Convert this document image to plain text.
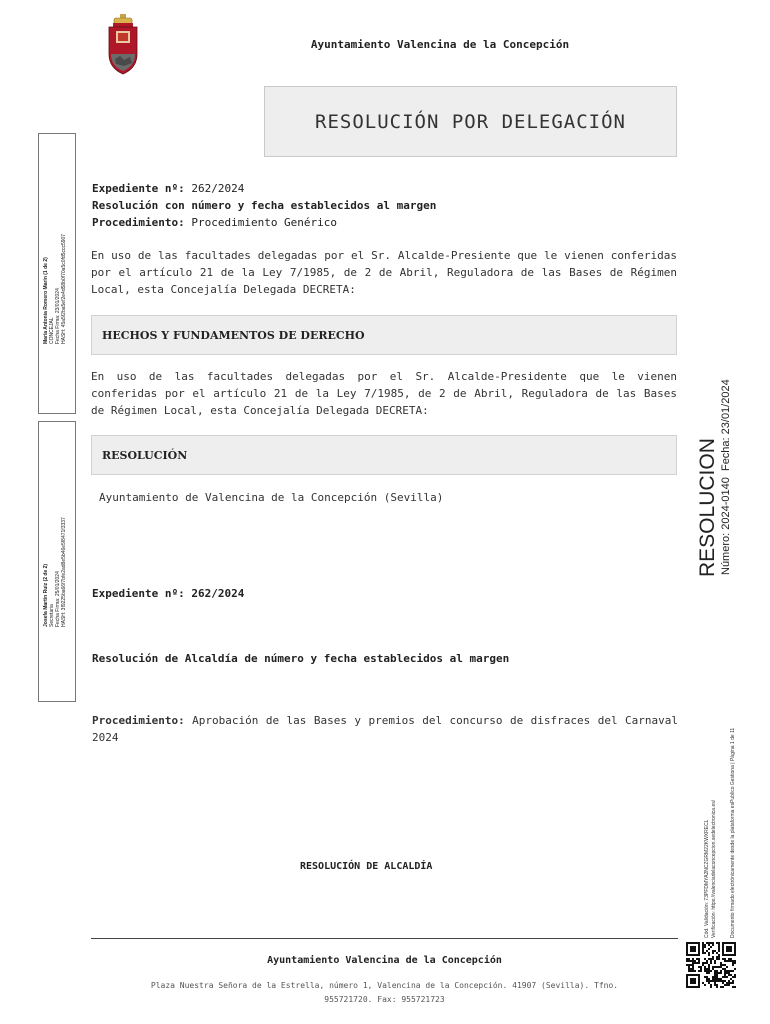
Ayuntamiento Valencina de la Concepción
RESOLUCIÓN POR DELEGACIÓN
María Antonia Romero Marín (1 de 2) CONCEJAL Fecha Firma: 23/01/2024 HASH: 45a5f2ba5ef2e4d58b0f70a5c0fd5ccc5907
Josefa Martín Ruiz (2 de 2) Secretaria Fecha Firma: 25/01/2024 HASH: 3f9225ba66f7bfe2ad8e5b46e5f8471f3337
Expediente nº: 262/2024
Resolución con número y fecha establecidos al margen
Procedimiento: Procedimiento Genérico
En uso de las facultades delegadas por el Sr. Alcalde-Presiente que le vienen conferidas por el artículo 21 de la Ley 7/1985, de 2 de Abril, Reguladora de las Bases de Régimen Local, esta Concejalía Delegada DECRETA:
HECHOS Y FUNDAMENTOS DE DERECHO
En uso de las facultades delegadas por el Sr. Alcalde-Presidente que le vienen conferidas por el artículo 21 de la Ley 7/1985, de 2 de Abril, Reguladora de las Bases de Régimen Local, esta Concejalía Delegada DECRETA:
RESOLUCIÓN
Ayuntamiento de Valencina de la Concepción (Sevilla)
Expediente nº: 262/2024
Resolución de Alcaldía de número y fecha establecidos al margen
Procedimiento: Aprobación de las Bases y premios del concurso de disfraces del Carnaval   2024
RESOLUCIÓN DE ALCALDÍA
RESOLUCION Número: 2024-0140  Fecha: 23/01/2024
Cód. Validación: 73PFDMYA2NCZGRM22KWXRECL Verificación: https://valenciadelaconcepcion.sedelectronica.es/	Documento firmado electrónicamente desde la plataforma esPublico Gestiona | Página 1 de 11
Ayuntamiento Valencina de la Concepción
Plaza Nuestra Señora de la Estrella, número 1, Valencina de la Concepción. 41907 (Sevilla). Tfno.
955721720. Fax: 955721723
